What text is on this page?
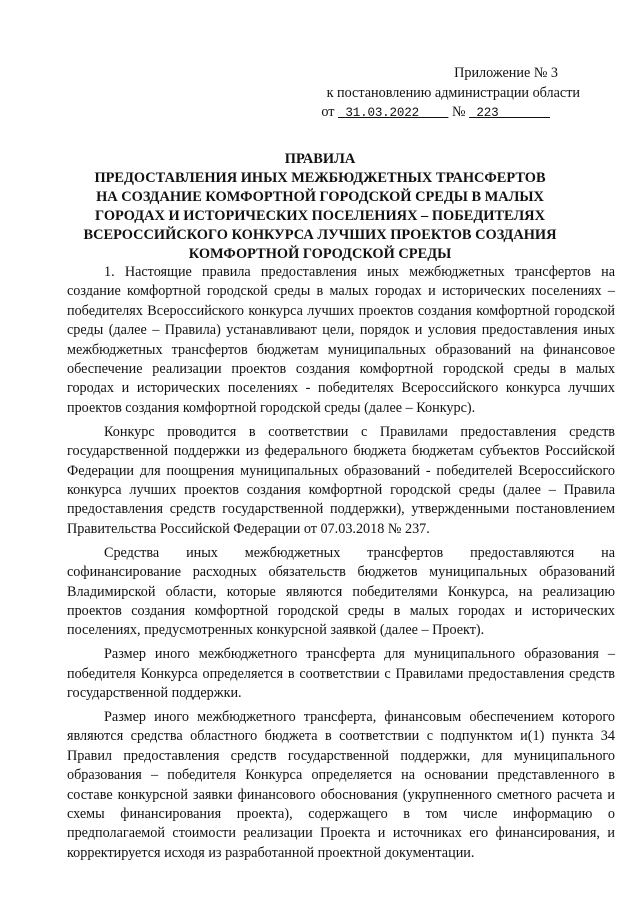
Приложение № 3
к постановлению администрации области
от 31.03.2022 № 223
ПРАВИЛА
ПРЕДОСТАВЛЕНИЯ ИНЫХ МЕЖБЮДЖЕТНЫХ ТРАНСФЕРТОВ
НА СОЗДАНИЕ КОМФОРТНОЙ ГОРОДСКОЙ СРЕДЫ В МАЛЫХ
ГОРОДАХ И ИСТОРИЧЕСКИХ ПОСЕЛЕНИЯХ – ПОБЕДИТЕЛЯХ
ВСЕРОССИЙСКОГО КОНКУРСА ЛУЧШИХ ПРОЕКТОВ СОЗДАНИЯ
КОМФОРТНОЙ ГОРОДСКОЙ СРЕДЫ

1. Настоящие правила предоставления иных межбюджетных трансфертов на создание комфортной городской среды в малых городах и исторических поселениях – победителях Всероссийского конкурса лучших проектов создания комфортной городской среды (далее – Правила) устанавливают цели, порядок и условия предоставления иных межбюджетных трансфертов бюджетам муниципальных образований на финансовое обеспечение реализации проектов создания комфортной городской среды в малых городах и исторических поселениях - победителях Всероссийского конкурса лучших проектов создания комфортной городской среды (далее – Конкурс).

Конкурс проводится в соответствии с Правилами предоставления средств государственной поддержки из федерального бюджета бюджетам субъектов Российской Федерации для поощрения муниципальных образований - победителей Всероссийского конкурса лучших проектов создания комфортной городской среды (далее – Правила предоставления средств государственной поддержки), утвержденными постановлением Правительства Российской Федерации от 07.03.2018 № 237.

Средства иных межбюджетных трансфертов предоставляются на софинансирование расходных обязательств бюджетов муниципальных образований Владимирской области, которые являются победителями Конкурса, на реализацию проектов создания комфортной городской среды в малых городах и исторических поселениях, предусмотренных конкурсной заявкой (далее – Проект).

Размер иного межбюджетного трансферта для муниципального образования – победителя Конкурса определяется в соответствии с Правилами предоставления средств государственной поддержки.

Размер иного межбюджетного трансферта, финансовым обеспечением которого являются средства областного бюджета в соответствии с подпунктом и(1) пункта 34 Правил предоставления средств государственной поддержки, для муниципального образования – победителя Конкурса определяется на основании представленного в составе конкурсной заявки финансового обоснования (укрупненного сметного расчета и схемы финансирования проекта), содержащего в том числе информацию о предполагаемой стоимости реализации Проекта и источниках его финансирования, и корректируется исходя из разработанной проектной документации.
